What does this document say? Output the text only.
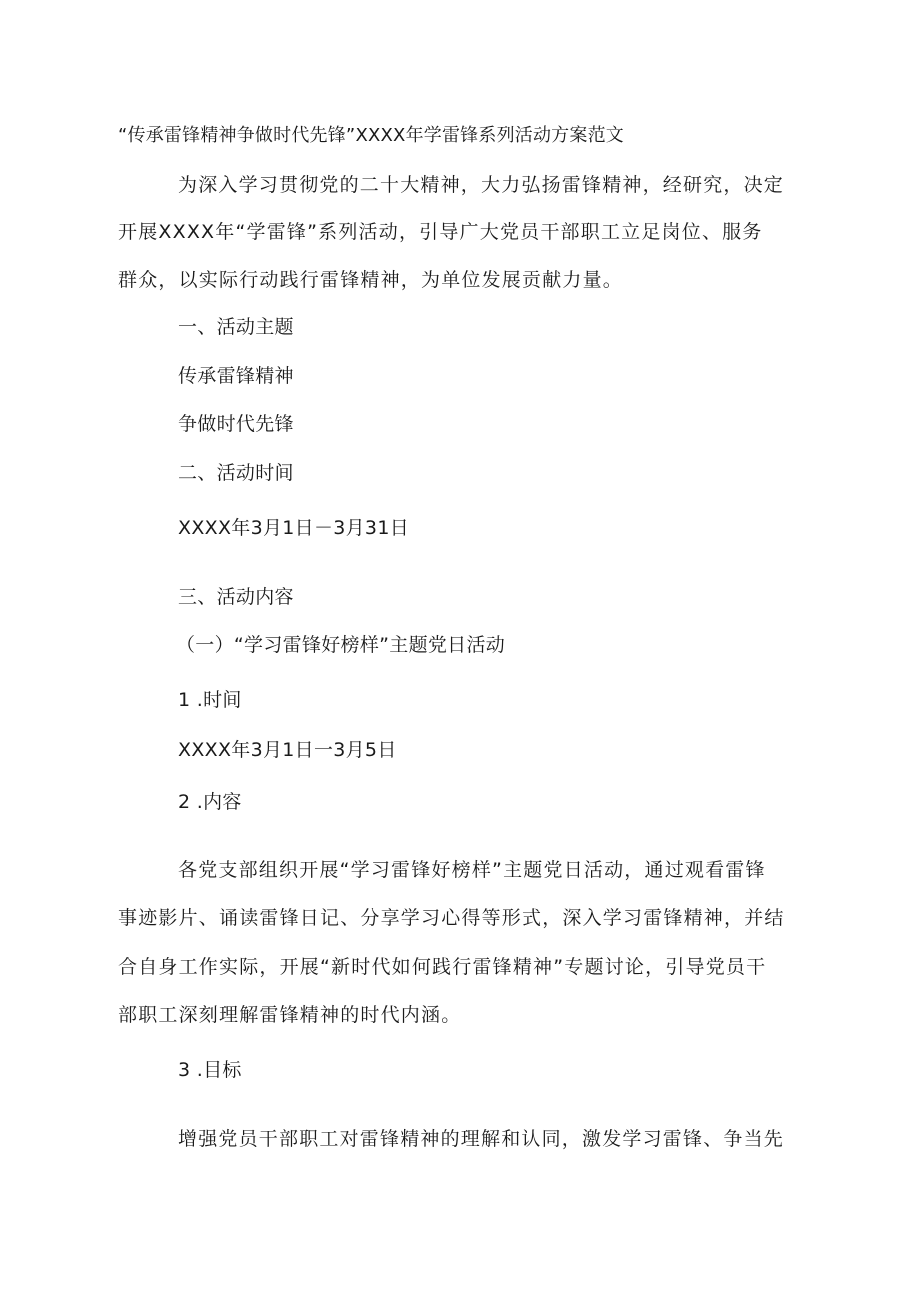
“传承雷锋精神争做时代先锋”XXXX年学雷锋系列活动方案范文
为深入学习贯彻党的二十大精神，大力弘扬雷锋精神，经研究，决定
开展XXXX年“学雷锋”系列活动，引导广大党员干部职工立足岗位、服务
群众，以实际行动践行雷锋精神，为单位发展贡献力量。
一、活动主题
传承雷锋精神
争做时代先锋
二、活动时间
XXXX年3月1日－3月31日
三、活动内容
（一）“学习雷锋好榜样”主题党日活动
1 .时间
XXXX年3月1日一3月5日
2 .内容
各党支部组织开展“学习雷锋好榜样”主题党日活动，通过观看雷锋
事迹影片、诵读雷锋日记、分享学习心得等形式，深入学习雷锋精神，并结
合自身工作实际，开展“新时代如何践行雷锋精神”专题讨论，引导党员干
部职工深刻理解雷锋精神的时代内涵。
3 .目标
增强党员干部职工对雷锋精神的理解和认同，激发学习雷锋、争当先
